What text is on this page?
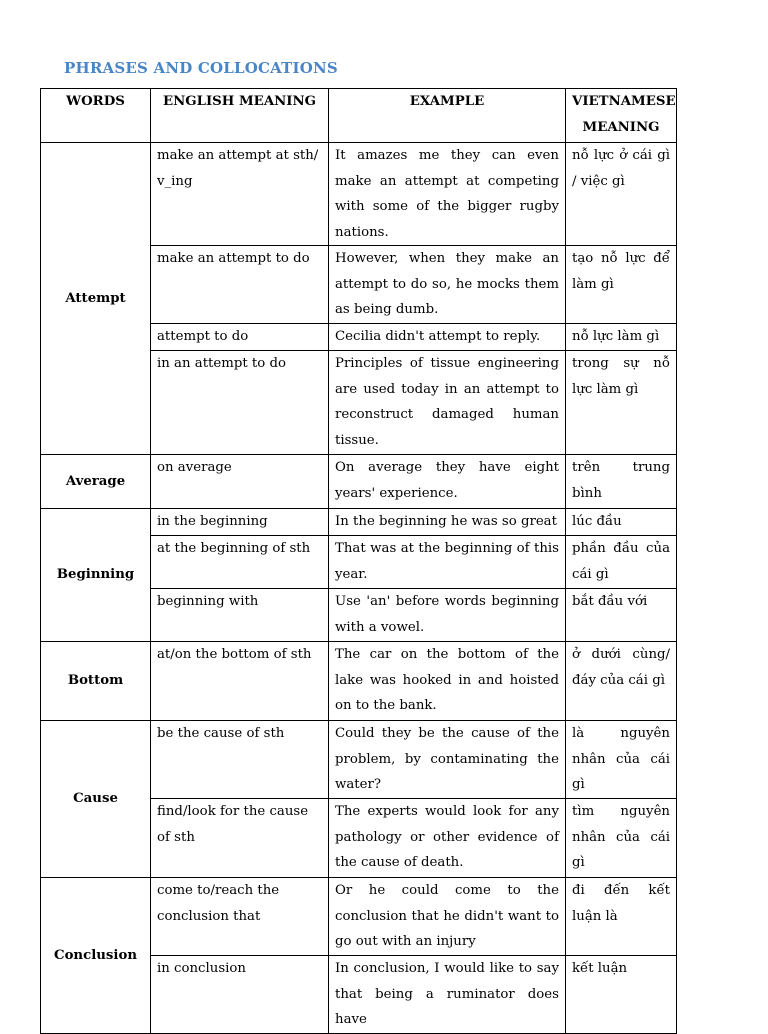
PHRASES AND COLLOCATIONS
WORDS	ENGLISH MEANING	EXAMPLE	VIETNAMESE MEANING
Attempt	make an attempt at sth/ v_ing	It amazes me they can even make an attempt at competing with some of the bigger rugby nations.	nỗ lực ở cái gì / việc gì
	make an attempt to do	However, when they make an attempt to do so, he mocks them as being dumb.	tạo nỗ lực để làm gì
	attempt to do	Cecilia didn't attempt to reply.	nỗ lực làm gì
	in an attempt to do	Principles of tissue engineering are used today in an attempt to reconstruct damaged human tissue.	trong sự nỗ lực làm gì
Average	on average	On average they have eight years' experience.	trên trung bình
Beginning	in the beginning	In the beginning he was so great	lúc đầu
	at the beginning of sth	That was at the beginning of this year.	phần đầu của cái gì
	beginning with	Use 'an' before words beginning with a vowel.	bắt đầu với
Bottom	at/on the bottom of sth	The car on the bottom of the lake was hooked in and hoisted on to the bank.	ở dưới cùng/đáy của cái gì
Cause	be the cause of sth	Could they be the cause of the problem, by contaminating the water?	là nguyên nhân của cái gì
	find/look for the cause of sth	The experts would look for any pathology or other evidence of the cause of death.	tìm nguyên nhân của cái gì
Conclusion	come to/reach the conclusion that	Or he could come to the conclusion that he didn't want to go out with an injury	đi đến kết luận là
	in conclusion	In conclusion, I would like to say that being a ruminator does have	kết luận
